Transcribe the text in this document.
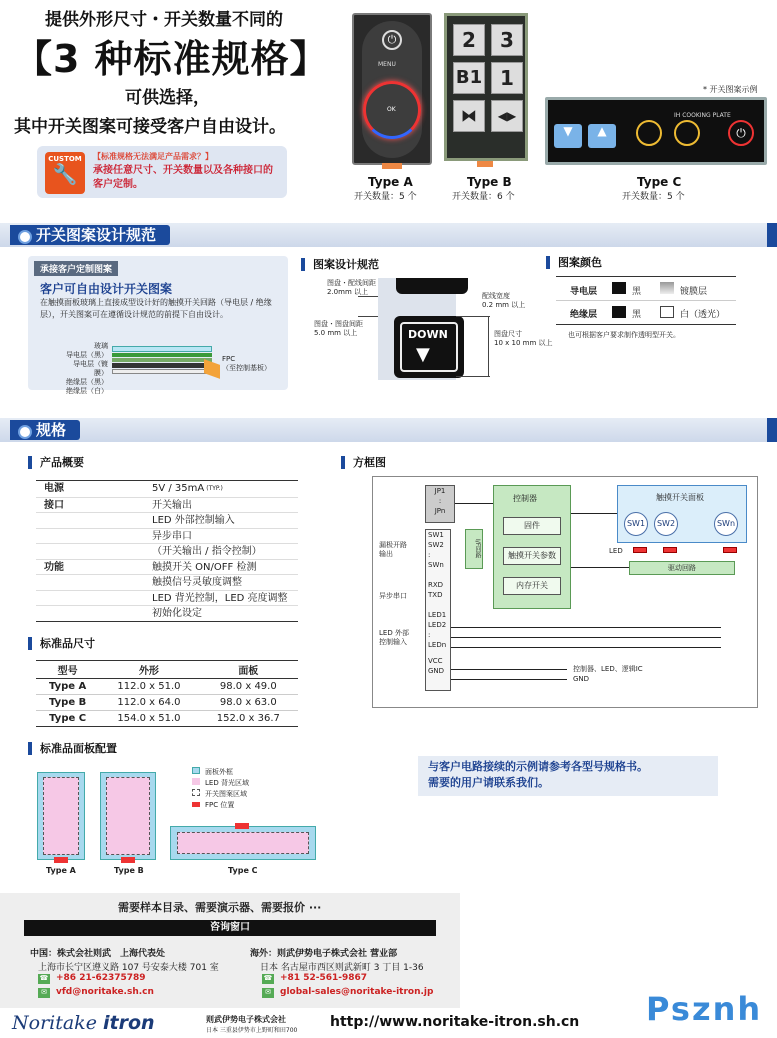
提供外形尺寸・开关数量不同的
【3 种标准规格】
可供选择，
其中开关图案可接受客户自由设计。
CUSTOM
🔧
【标准规格无法满足产品需求？】
承接任意尺寸、开关数量以及各种接口的客户定制。
⏻
MENU
OK
2	3
B1 1
⧓	◀▶
* 开关图案示例
IH COOKING PLATE
▼	▲	⏻
Type A
开关数量：5 个
Type B
开关数量：6 个
Type C
开关数量：5 个
开关图案设计规范
承接客户定制图案
客户可自由设计开关图案
在触摸面板玻璃上直接成型设计好的触摸开关回路（导电层 / 绝缘层），开关图案可在遵循设计规范的前提下自由设计。
玻璃
导电层（黑）
导电层（镀膜）
绝缘层（黑）
绝缘层（白）
FPC
（至控制基板）
图案设计规范
DOWN
▼
图盘・配线间距
2.0mm 以上	配线宽度
0.2 mm 以上
图盘・图盘间距
5.0 mm 以上	图盘尺寸
10 x 10 mm 以上
图案颜色
导电层	黑	镀膜层
绝缘层	黑	白（透光）
也可根据客户要求制作透明型开关。
规格
产品概要
电源	5V / 35mA (TYP.)
接口	开关输出
LED 外部控制输入
异步串口
（开关输出 / 指令控制）
功能	触摸开关 ON/OFF 检测
触摸信号灵敏度调整
LED 背光控制，LED 亮度调整
初始化设定
标准品尺寸
型号	外形	面板
Type A	112.0 x 51.0	98.0 x 49.0
Type B	112.0 x 64.0	98.0 x 63.0
Type C	154.0 x 51.0	152.0 x 36.7
标准品面板配置
Type A	Type B	Type C
面板外框
LED 背光区域
开关图案区域
FPC 位置
方框图
JP1
:
JPn
控制器
固件
触摸开关参数
内存开关
I/F回路
触摸开关面板
SW1	SW2	SWn
LED
驱动回路
SW1
SW2
:
SWn
RXD
TXD
LED1
LED2
:
LEDn
VCC
GND
漏极开路
输出
异步串口
LED 外部
控制输入
控制器、LED、逻辑IC
GND
与客户电路接续的示例请参考各型号规格书。
需要的用户请联系我们。
需要样本目录、需要演示器、需要报价 ···
咨询窗口
中国：株式会社则武　上海代表处
上海市长宁区遵义路 107 号安泰大楼 701 室
☎ +86 21-62375789
✉	vfd@noritake.sh.cn
海外：则武伊势电子株式会社 营业部
日本 名古屋市西区则武新町 3 丁目 1-36
☎ +81 52-561-9867
✉	global-sales@noritake-itron.jp
Noritake itron	则武伊势电子株式会社
日本 三重县伊势市上野町和田700
http://www.noritake-itron.sh.cn Psznh
